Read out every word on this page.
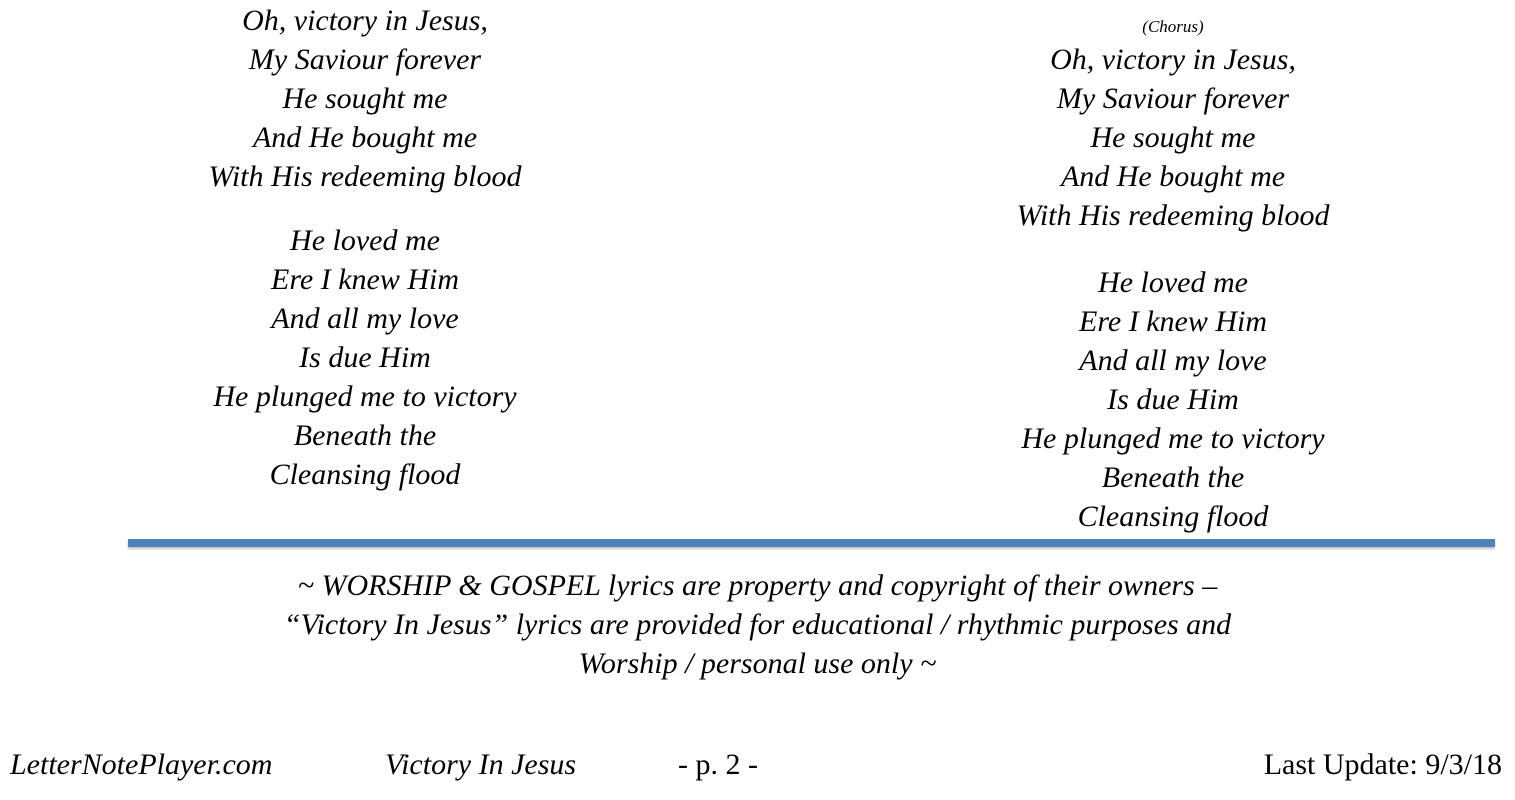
Oh, victory in Jesus,
My Saviour forever
He sought me
And He bought me
With His redeeming blood
He loved me
Ere I knew Him
And all my love
Is due Him
He plunged me to victory
Beneath the
Cleansing flood
(Chorus)
Oh, victory in Jesus,
My Saviour forever
He sought me
And He bought me
With His redeeming blood
He loved me
Ere I knew Him
And all my love
Is due Him
He plunged me to victory
Beneath the
Cleansing flood
~ WORSHIP & GOSPEL lyrics are property and copyright of their owners –
“Victory In Jesus” lyrics are provided for educational / rhythmic purposes and
Worship / personal use only ~
LetterNotePlayer.com	Victory In Jesus	- p. 2 -	Last Update: 9/3/18
